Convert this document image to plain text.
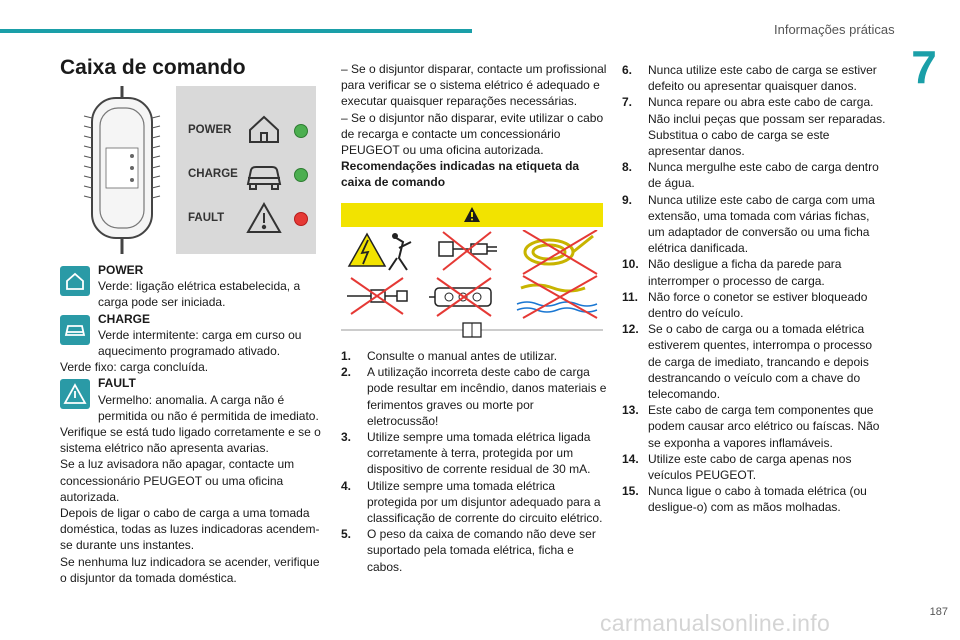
Informações práticas
7
Caixa de comando
POWER
CHARGE
FAULT
POWER
Verde: ligação elétrica estabelecida, a carga pode ser iniciada.
CHARGE
Verde intermitente: carga em curso ou aquecimento programado ativado.

Verde fixo: carga concluída.

FAULT
Vermelho: anomalia. A carga não é permitida ou não é permitida de imediato.

Verifique se está tudo ligado corretamente e se o sistema elétrico não apresenta avarias.

Se a luz avisadora não apagar, contacte um concessionário PEUGEOT ou uma oficina autorizada.

Depois de ligar o cabo de carga a uma tomada doméstica, todas as luzes indicadoras acendem-se durante uns instantes.

Se nenhuma luz indicadora se acender, verifique o disjuntor da tomada doméstica.

– Se o disjuntor disparar, contacte um profissional para verificar se o sistema elétrico é adequado e executar quaisquer reparações necessárias.

– Se o disjuntor não disparar, evite utilizar o cabo de recarga e contacte um concessionário PEUGEOT ou uma oficina autorizada.

Recomendações indicadas na etiqueta da caixa de comando

1. Consulte o manual antes de utilizar.
2. A utilização incorreta deste cabo de carga pode resultar em incêndio, danos materiais e ferimentos graves ou morte por eletrocussão!
3. Utilize sempre uma tomada elétrica ligada corretamente à terra, protegida por um dispositivo de corrente residual de 30 mA.
4. Utilize sempre uma tomada elétrica protegida por um disjuntor adequado para a classificação de corrente do circuito elétrico.
5. O peso da caixa de comando não deve ser suportado pela tomada elétrica, ficha e cabos.
6. Nunca utilize este cabo de carga se estiver defeito ou apresentar quaisquer danos.
7. Nunca repare ou abra este cabo de carga. Não inclui peças que possam ser reparadas. Substitua o cabo de carga se este apresentar danos.
8. Nunca mergulhe este cabo de carga dentro de água.
9. Nunca utilize este cabo de carga com uma extensão, uma tomada com várias fichas, um adaptador de conversão ou uma ficha elétrica danificada.
10. Não desligue a ficha da parede para interromper o processo de carga.
11. Não force o conetor se estiver bloqueado dentro do veículo.
12. Se o cabo de carga ou a tomada elétrica estiverem quentes, interrompa o processo de carga de imediato, trancando e depois destrancando o veículo com a chave do telecomando.
13. Este cabo de carga tem componentes que podem causar arco elétrico ou faíscas. Não se exponha a vapores inflamáveis.
14. Utilize este cabo de carga apenas nos veículos PEUGEOT.
15. Nunca ligue o cabo à tomada elétrica (ou desligue-o) com as mãos molhadas.
carmanualsonline.info	187
